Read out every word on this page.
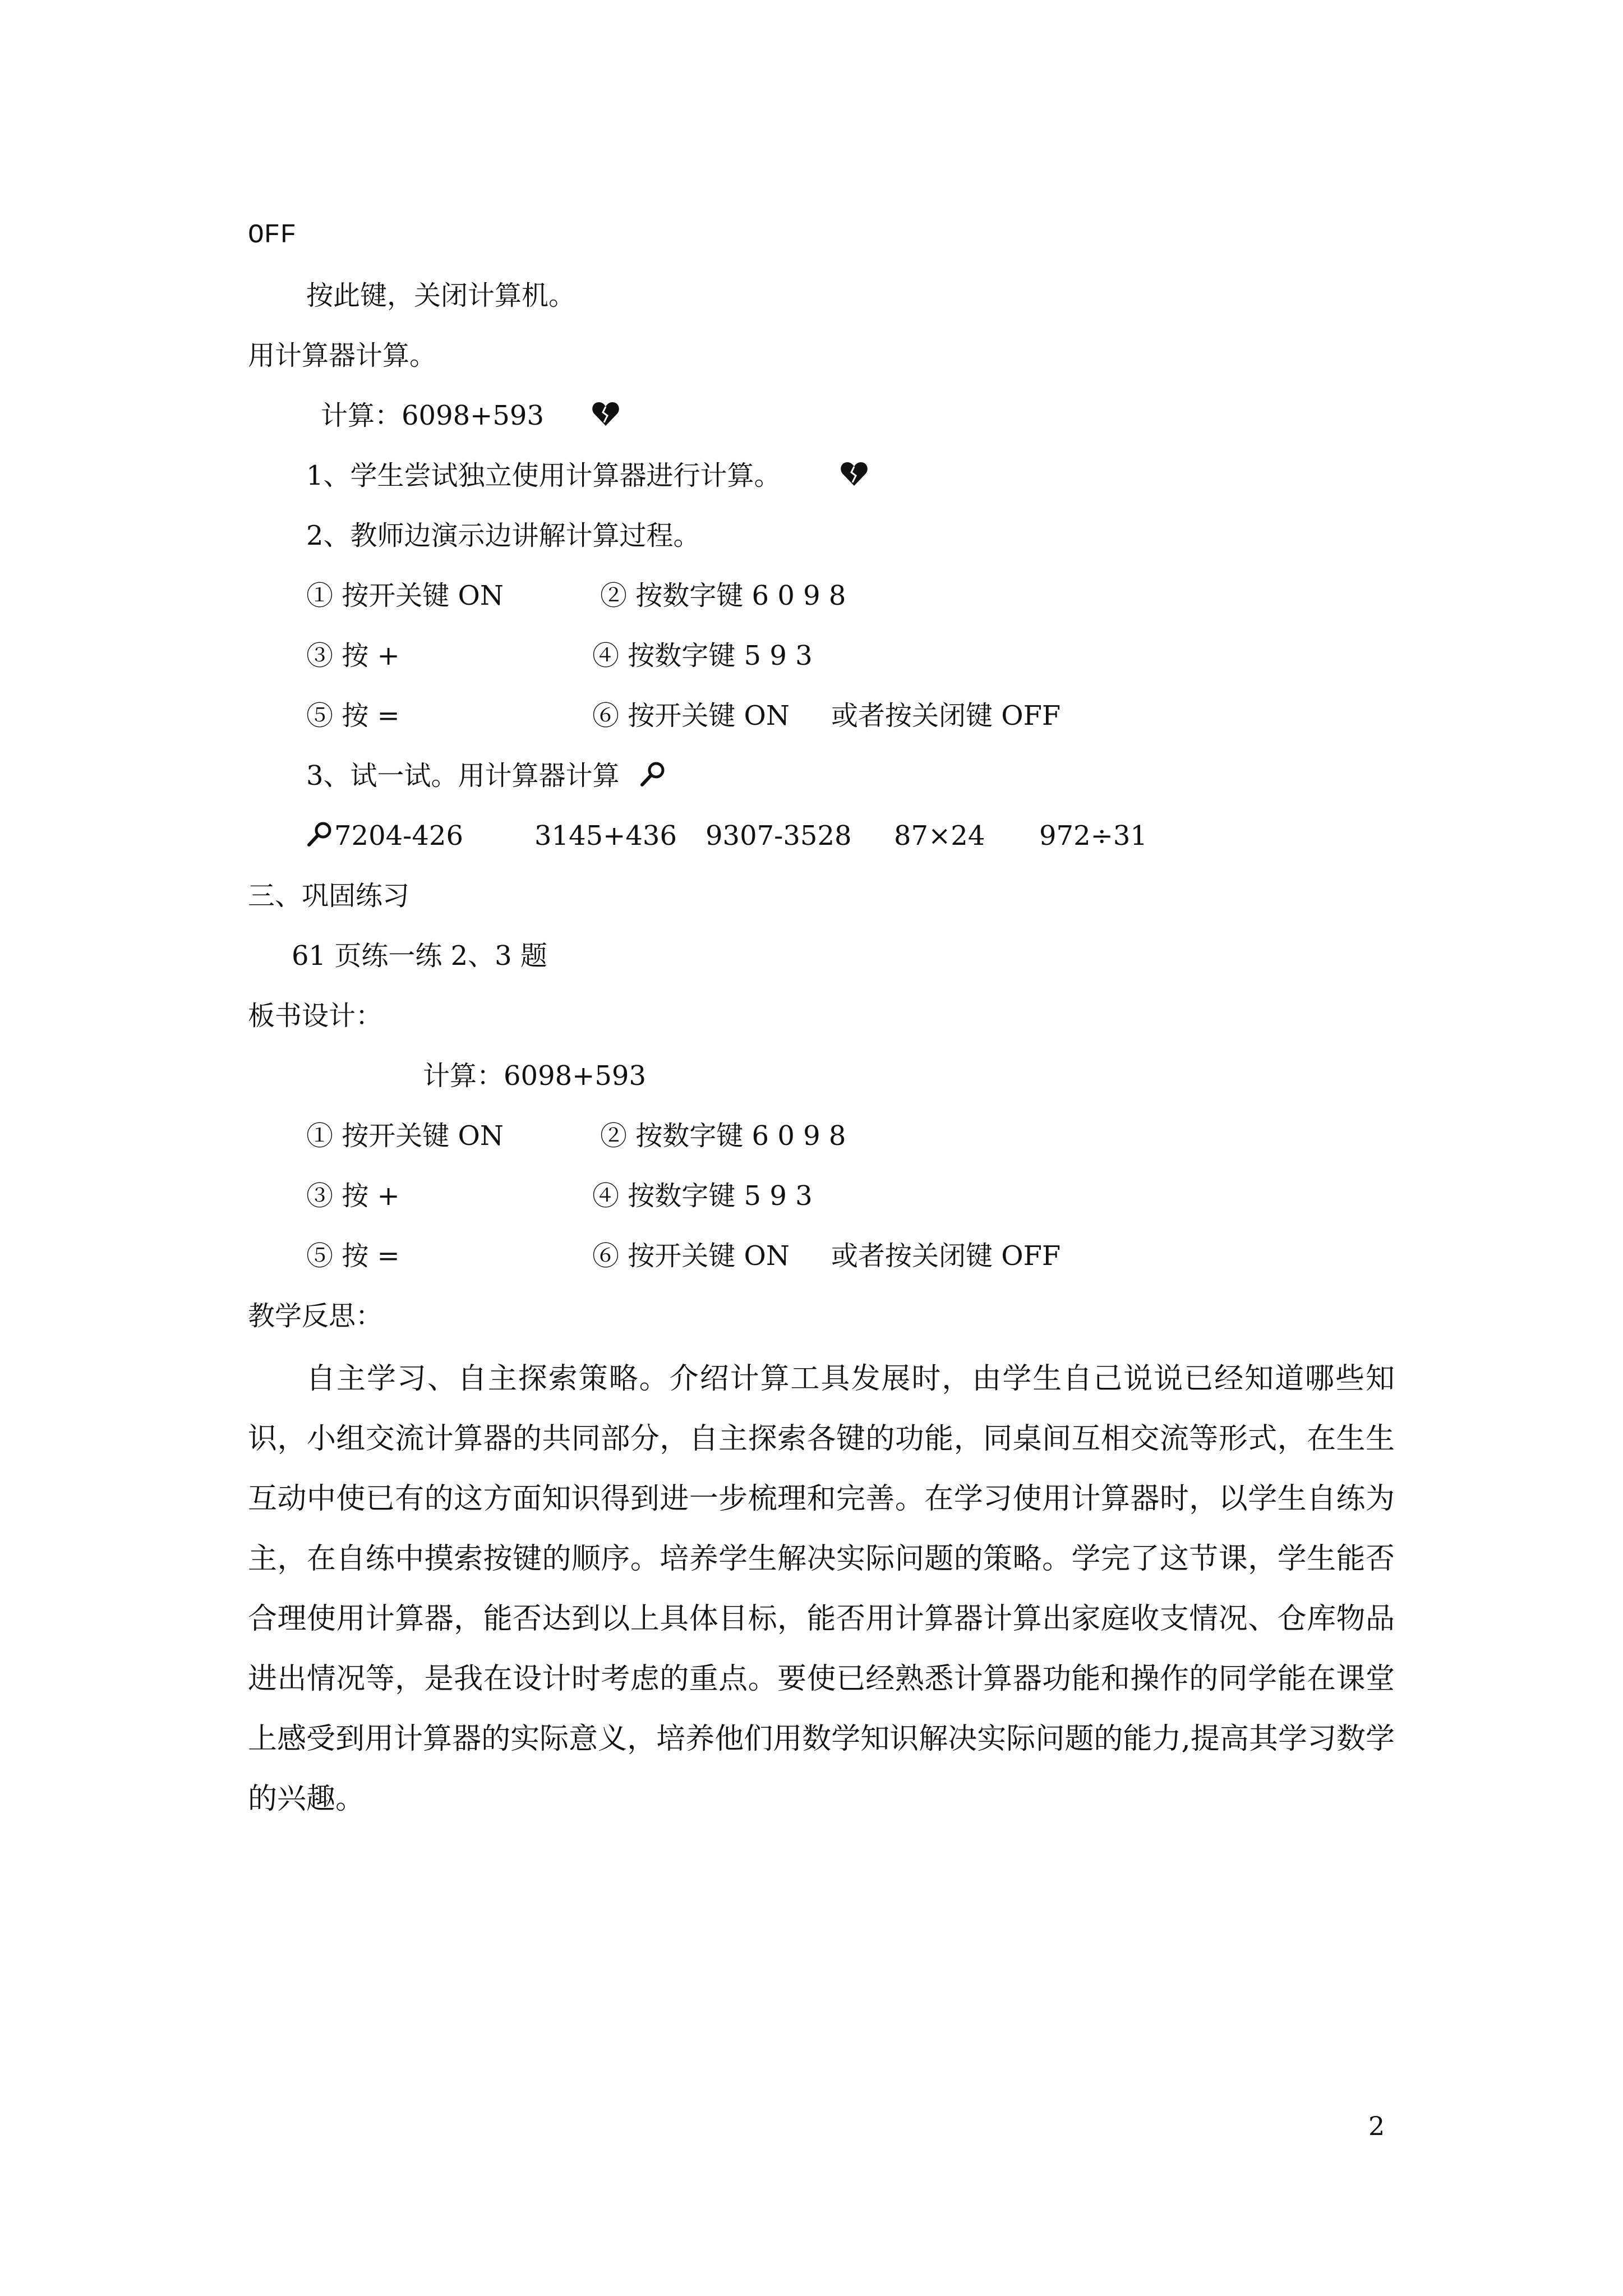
OFF
按此键，关闭计算机。
用计算器计算。
计算：6098+593
1、学生尝试独立使用计算器进行计算。
2、教师边演示边讲解计算过程。
① 按开关键 ON	② 按数字键 6 0 9 8
③ 按 +	④ 按数字键 5 9 3
⑤ 按 =	⑥ 按开关键 ON 或者按关闭键 OFF
3、试一试。用计算器计算
7204-426	3145+436 9307-3528 87×24 972÷31
三、巩固练习
61 页练一练 2、3 题
板书设计：
计算：6098+593
① 按开关键 ON	② 按数字键 6 0 9 8
③ 按 +	④ 按数字键 5 9 3
⑤ 按 =	⑥ 按开关键 ON 或者按关闭键 OFF
教学反思：
自主学习、自主探索策略。介绍计算工具发展时，由学生自己说说已经知道哪些知识，小组交流计算器的共同部分，自主探索各键的功能，同桌间互相交流等形式，在生生互动中使已有的这方面知识得到进一步梳理和完善。在学习使用计算器时，以学生自练为主，在自练中摸索按键的顺序。培养学生解决实际问题的策略。学完了这节课，学生能否合理使用计算器，能否达到以上具体目标，能否用计算器计算出家庭收支情况、仓库物品进出情况等，是我在设计时考虑的重点。要使已经熟悉计算器功能和操作的同学能在课堂　上感受到用计算器的实际意义，培养他们用数学知识解决实际问题的能力,提高其学习数学的兴趣。
2
